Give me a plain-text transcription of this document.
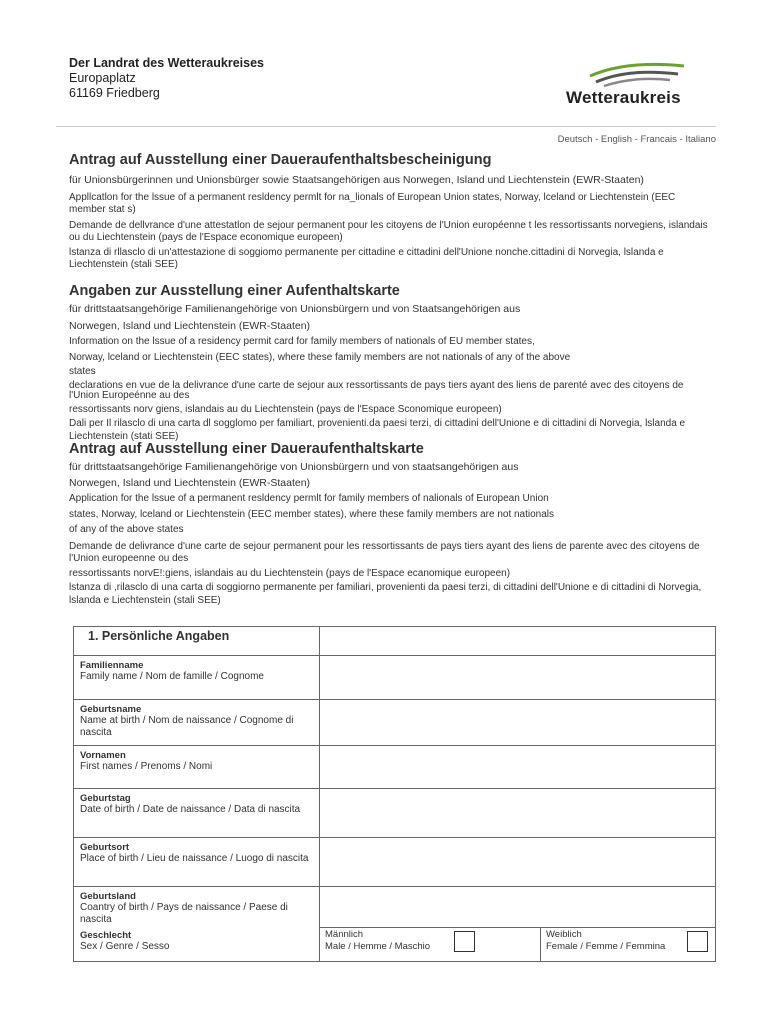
Der Landrat des Wetteraukreises
Europaplatz
61169 Friedberg	Wetteraukreis
Deutsch - English - Francais - Italiano

Antrag auf Ausstellung einer Daueraufenthaltsbescheinigung

für Unionsbürgerinnen und Unionsbürger sowie Staatsangehörigen aus Norwegen, Island und Liechtenstein (EWR-Staaten)

Appllcatlon for the lssue of a permanent resldency permlt for na_lionals of European Union states, Norway, lceland or Liechtenstein (EEC member stat s)

Demande de dellvrance d'une attestatlon de sejour permanent pour les citoyens de l'Union européenne t les ressortissants norvegiens, islandais ou du Liechtenstein (pays de l'Espace economique europeen)

lstanza di rllasclo di un'attestazione di soggiomo permanente per cittadine e cittadini dell'Unione nonche.cittadini di Norvegia, lslanda e Liechtenstein (stali SEE)

Angaben zur Ausstellung einer Aufenthaltskarte

für drittstaatsangehörige Familienangehörige von Unionsbürgern und von Staatsangehörigen aus

Norwegen, Island und Liechtenstein (EWR-Staaten)

Information on the lssue of a residency permit card for family members of nationals of EU member states,

Norway, lceland or Liechtenstein (EEC states), where these family members are not nationals of any of the above

states

declarations en vue de la delivrance d'une carte de sejour aux ressortissants de pays tiers ayant des liens de parenté avec des citoyens de l'Union Europeénne au des

ressortissants norv giens, islandais au du Liechtenstein (pays de l'Espace Sconomique europeen)

Dali per Il rilasclo di una carta dl sogglomo per familiart, provenienti.da paesi terzi, di cittadini dell'Unione e di cittadini di Norvegia, lslanda e Liechtenstein (stati SEE)

Antrag auf Ausstellung einer Daueraufenthaltskarte

für drittstaatsangehörige Familienangehörige von Unionsbürgern und von staatsangehörigen aus

Norwegen, Island und Liechtenstein (EWR-Staaten)

Application for the lssue of a permanent resldency permlt for family members of nalionals of European Union

states, Norway, lceland or Liechtenstein (EEC member states), where these family members are not nationals

of any of the above states

Demande de delivrance d'une carte de sejour permanent pour les ressortissants de pays tiers ayant des liens de parente avec des citoyens de l'Union europeenne ou des

ressortissants norvE!:giens, islandais au du Liechtenstein (pays de l'Espace ecanomique europeen)

lstanza di ,rilasclo di una carta di soggiorno permanente per familiari, provenienti da paesi terzi, di cittadini dell'Unione e di cittadini di Norvegia, lslanda e Liechtenstein (stali SEE)

1. Persönliche Angaben
Familienname
Family name / Nom de famille / Cognome
Geburtsname
Name at birth / Nom de naissance / Cognome di nascita
Vornamen
First names / Prenoms / Nomi
Geburtstag
Date of birth / Date de naissance / Data di nascita
Geburtsort
Place of birth / Lieu de naissance / Luogo di nascita
Geburtsland
Coantry of birth / Pays de naissance / Paese di nascita
Geschlecht
Sex / Genre / Sesso
Männlich
Male / Hemme / Maschio
Weiblich
Female / Femme / Femmina
